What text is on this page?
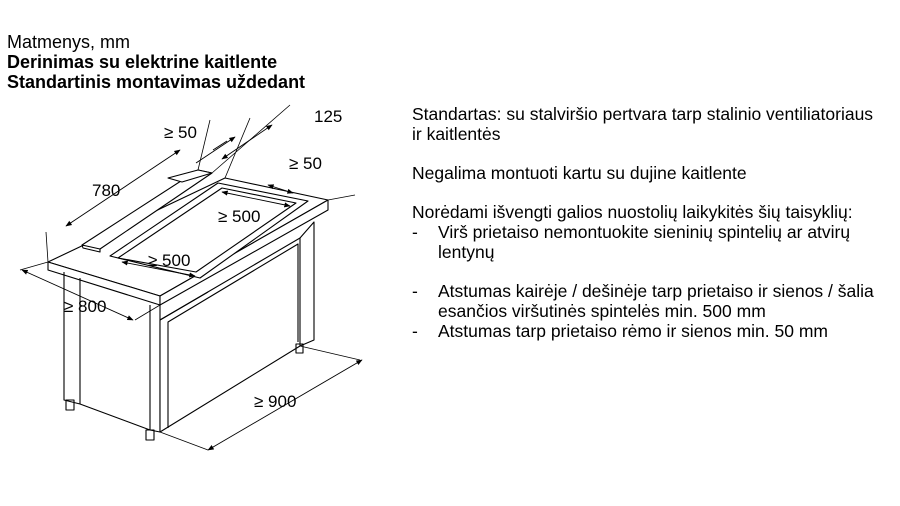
Matmenys, mm
Derinimas su elektrine kaitlente
Standartinis montavimas uždedant
125
≥ 50
≥ 50
780
≥ 500
≥ 500
≥ 800
≥ 900

Standartas: su stalviršio pertvara tarp stalinio ventiliatoriaus ir kaitlentės

Negalima montuoti kartu su dujine kaitlente

Norėdami išvengti galios nuostolių laikykitės šių taisyklių:

- Virš prietaiso nemontuokite sieninių spintelių ar atvirų lentynų
- Atstumas kairėje / dešinėje tarp prietaiso ir sienos / šalia esančios viršutinės spintelės min. 500 mm
- Atstumas tarp prietaiso rėmo ir sienos min. 50 mm
